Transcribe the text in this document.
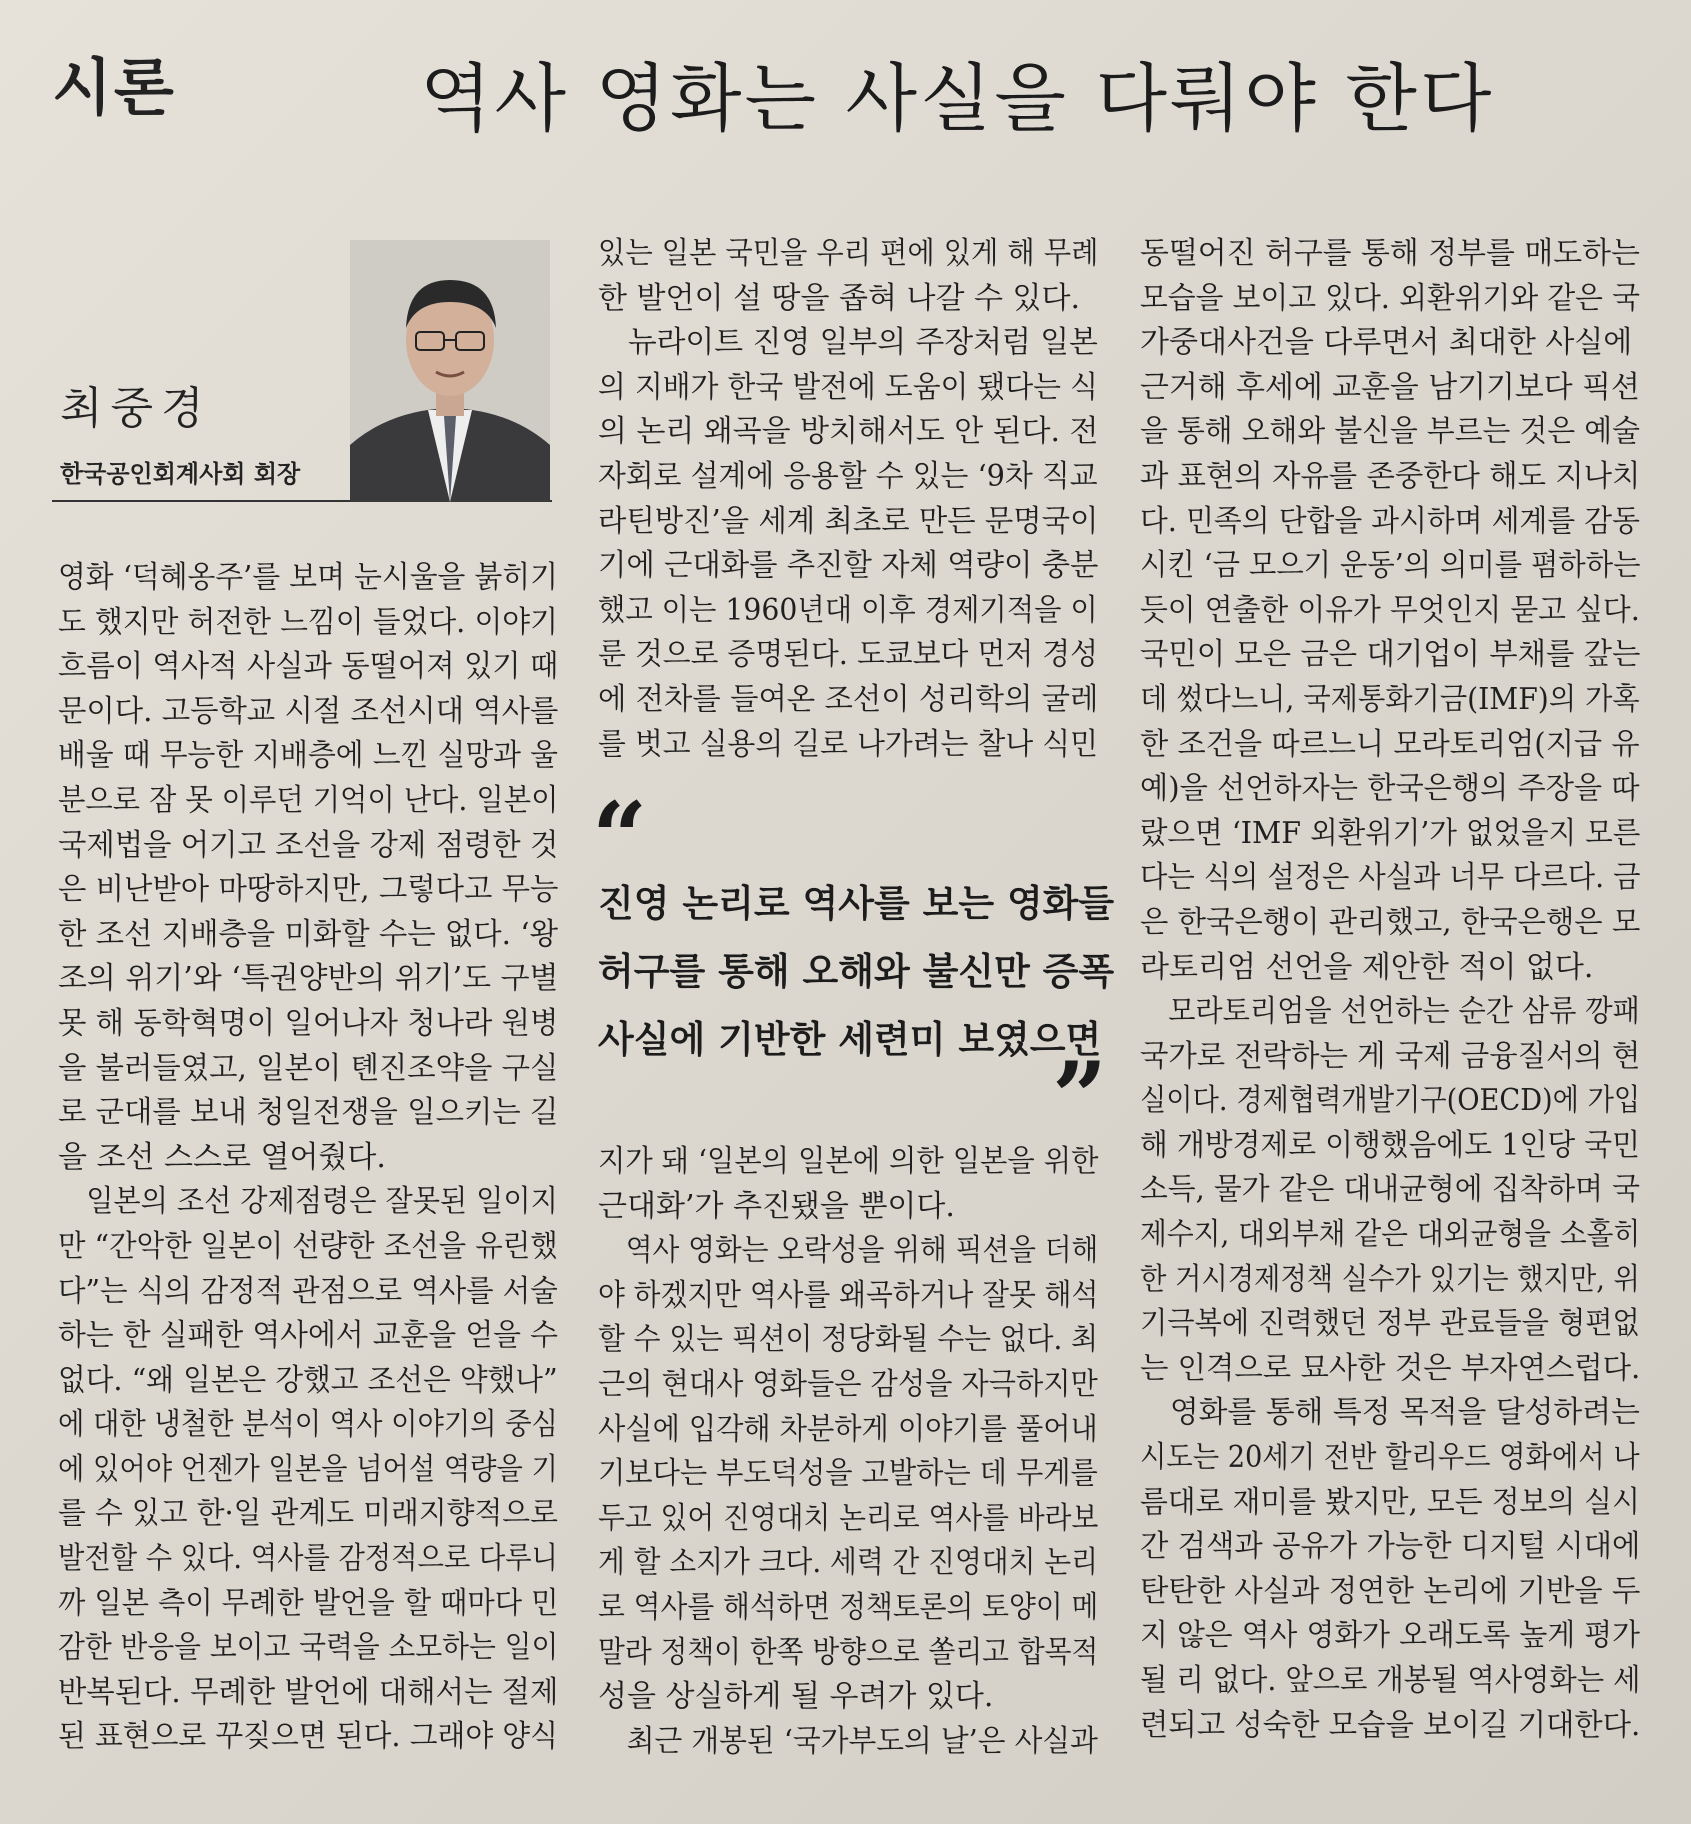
시론	역사 영화는 사실을 다뤄야 한다
최중경
한국공인회계사회 회장
영화 ‘덕혜옹주’를 보며 눈시울을 붉히기
도 했지만 허전한 느낌이 들었다. 이야기
흐름이 역사적 사실과 동떨어져 있기 때
문이다. 고등학교 시절 조선시대 역사를
배울 때 무능한 지배층에 느낀 실망과 울
분으로 잠 못 이루던 기억이 난다. 일본이
국제법을 어기고 조선을 강제 점령한 것
은 비난받아 마땅하지만, 그렇다고 무능
한 조선 지배층을 미화할 수는 없다. ‘왕
조의 위기’와 ‘특권양반의 위기’도 구별
못 해 동학혁명이 일어나자 청나라 원병
을 불러들였고, 일본이 톈진조약을 구실
로 군대를 보내 청일전쟁을 일으키는 길
을 조선 스스로 열어줬다.
　일본의 조선 강제점령은 잘못된 일이지
만 “간악한 일본이 선량한 조선을 유린했
다”는 식의 감정적 관점으로 역사를 서술
하는 한 실패한 역사에서 교훈을 얻을 수
없다. “왜 일본은 강했고 조선은 약했나”
에 대한 냉철한 분석이 역사 이야기의 중심
에 있어야 언젠가 일본을 넘어설 역량을 기
를 수 있고 한·일 관계도 미래지향적으로
발전할 수 있다. 역사를 감정적으로 다루니
까 일본 측이 무례한 발언을 할 때마다 민
감한 반응을 보이고 국력을 소모하는 일이
반복된다. 무례한 발언에 대해서는 절제
된 표현으로 꾸짖으면 된다. 그래야 양식
있는 일본 국민을 우리 편에 있게 해 무례
한 발언이 설 땅을 좁혀 나갈 수 있다.
　뉴라이트 진영 일부의 주장처럼 일본
의 지배가 한국 발전에 도움이 됐다는 식
의 논리 왜곡을 방치해서도 안 된다. 전
자회로 설계에 응용할 수 있는 ‘9차 직교
라틴방진’을 세계 최초로 만든 문명국이
기에 근대화를 추진할 자체 역량이 충분
했고 이는 1960년대 이후 경제기적을 이
룬 것으로 증명된다. 도쿄보다 먼저 경성
에 전차를 들여온 조선이 성리학의 굴레
를 벗고 실용의 길로 나가려는 찰나 식민
“
진영 논리로 역사를 보는 영화들
허구를 통해 오해와 불신만 증폭
사실에 기반한 세련미 보였으면
”
지가 돼 ‘일본의 일본에 의한 일본을 위한
근대화’가 추진됐을 뿐이다.
　역사 영화는 오락성을 위해 픽션을 더해
야 하겠지만 역사를 왜곡하거나 잘못 해석
할 수 있는 픽션이 정당화될 수는 없다. 최
근의 현대사 영화들은 감성을 자극하지만
사실에 입각해 차분하게 이야기를 풀어내
기보다는 부도덕성을 고발하는 데 무게를
두고 있어 진영대치 논리로 역사를 바라보
게 할 소지가 크다. 세력 간 진영대치 논리
로 역사를 해석하면 정책토론의 토양이 메
말라 정책이 한쪽 방향으로 쏠리고 합목적
성을 상실하게 될 우려가 있다.
　최근 개봉된 ‘국가부도의 날’은 사실과
동떨어진 허구를 통해 정부를 매도하는
모습을 보이고 있다. 외환위기와 같은 국
가중대사건을 다루면서 최대한 사실에
근거해 후세에 교훈을 남기기보다 픽션
을 통해 오해와 불신을 부르는 것은 예술
과 표현의 자유를 존중한다 해도 지나치
다. 민족의 단합을 과시하며 세계를 감동
시킨 ‘금 모으기 운동’의 의미를 폄하하는
듯이 연출한 이유가 무엇인지 묻고 싶다.
국민이 모은 금은 대기업이 부채를 갚는
데 썼다느니, 국제통화기금(IMF)의 가혹
한 조건을 따르느니 모라토리엄(지급 유
예)을 선언하자는 한국은행의 주장을 따
랐으면 ‘IMF 외환위기’가 없었을지 모른
다는 식의 설정은 사실과 너무 다르다. 금
은 한국은행이 관리했고, 한국은행은 모
라토리엄 선언을 제안한 적이 없다.
　모라토리엄을 선언하는 순간 삼류 깡패
국가로 전락하는 게 국제 금융질서의 현
실이다. 경제협력개발기구(OECD)에 가입
해 개방경제로 이행했음에도 1인당 국민
소득, 물가 같은 대내균형에 집착하며 국
제수지, 대외부채 같은 대외균형을 소홀히
한 거시경제정책 실수가 있기는 했지만, 위
기극복에 진력했던 정부 관료들을 형편없
는 인격으로 묘사한 것은 부자연스럽다.
　영화를 통해 특정 목적을 달성하려는
시도는 20세기 전반 할리우드 영화에서 나
름대로 재미를 봤지만, 모든 정보의 실시
간 검색과 공유가 가능한 디지털 시대에
탄탄한 사실과 정연한 논리에 기반을 두
지 않은 역사 영화가 오래도록 높게 평가
될 리 없다. 앞으로 개봉될 역사영화는 세
련되고 성숙한 모습을 보이길 기대한다.
